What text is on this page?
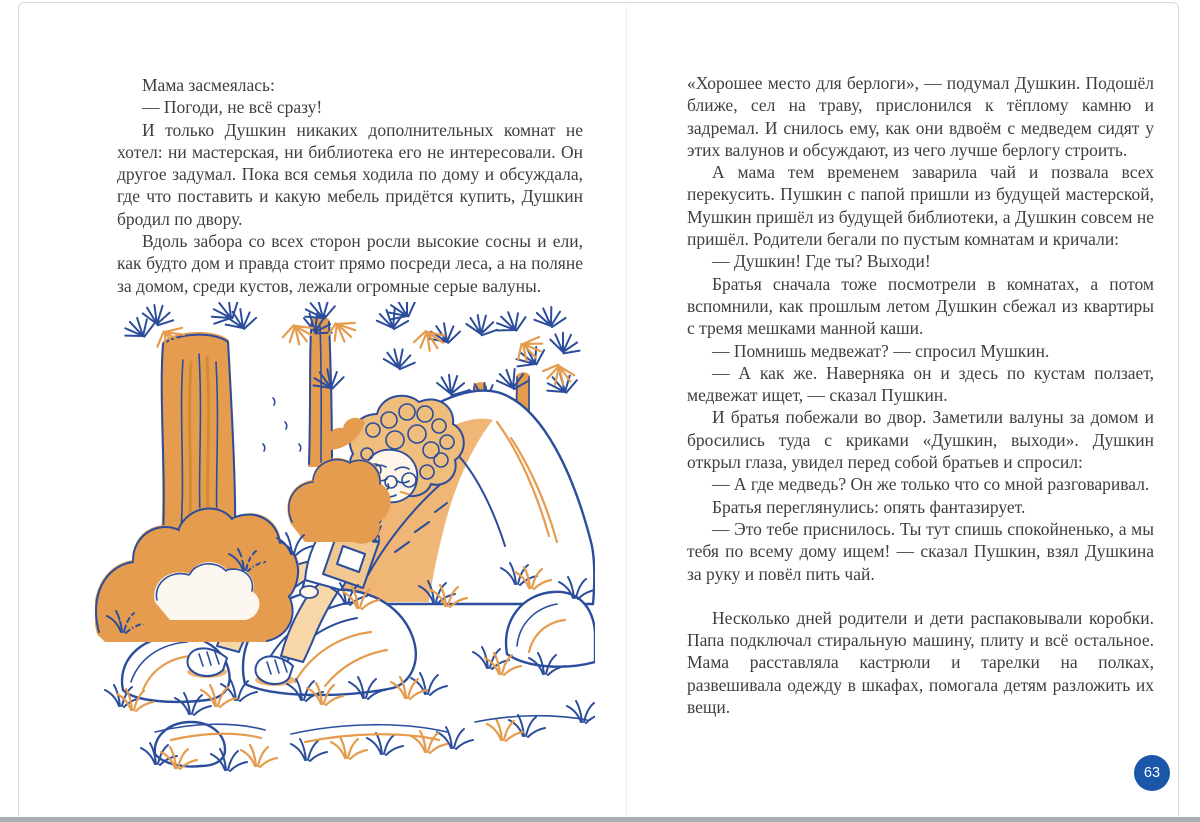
Мама засмеялась:

— Погоди, не всё сразу!

И только Душкин никаких дополнительных комнат не хотел: ни мастерская, ни библиотека его не интересовали. Он другое задумал. Пока вся семья ходила по дому и обсуждала, где что поставить и какую мебель придётся купить, Душкин бродил по двору.

Вдоль забора со всех сторон росли высокие сосны и ели, как будто дом и правда стоит прямо посреди леса, а на поляне за домом, среди кустов, лежали огромные серые валуны.

«Хорошее место для берлоги», — подумал Душкин. Подошёл ближе, сел на траву, прислонился к тёплому камню и задремал. И снилось ему, как они вдвоём с медведем сидят у этих валунов и обсуждают, из чего лучше берлогу строить.

А мама тем временем заварила чай и позвала всех перекусить. Пушкин с папой пришли из будущей мастерской, Мушкин пришёл из будущей библиотеки, а Душкин совсем не пришёл. Родители бегали по пустым комнатам и кричали:

— Душкин! Где ты? Выходи!

Братья сначала тоже посмотрели в комнатах, а потом вспомнили, как прошлым летом Душкин сбежал из квартиры с тремя мешками манной каши.

— Помнишь медвежат? — спросил Мушкин.

— А как же. Наверняка он и здесь по кустам ползает, медвежат ищет, — сказал Пушкин.

И братья побежали во двор. Заметили валуны за домом и бросились туда с криками «Душкин, выходи». Душкин открыл глаза, увидел перед собой братьев и спросил:

— А где медведь? Он же только что со мной разговаривал.

Братья переглянулись: опять фантазирует.

— Это тебе приснилось. Ты тут спишь спокойненько, а мы тебя по всему дому ищем! — сказал Пушкин, взял Душкина за руку и повёл пить чай.

Несколько дней родители и дети распаковывали коробки. Папа подключал стиральную машину, плиту и всё остальное. Мама расставляла кастрюли и тарелки на полках, развешивала одежду в шкафах, помогала детям разложить их вещи.

63
